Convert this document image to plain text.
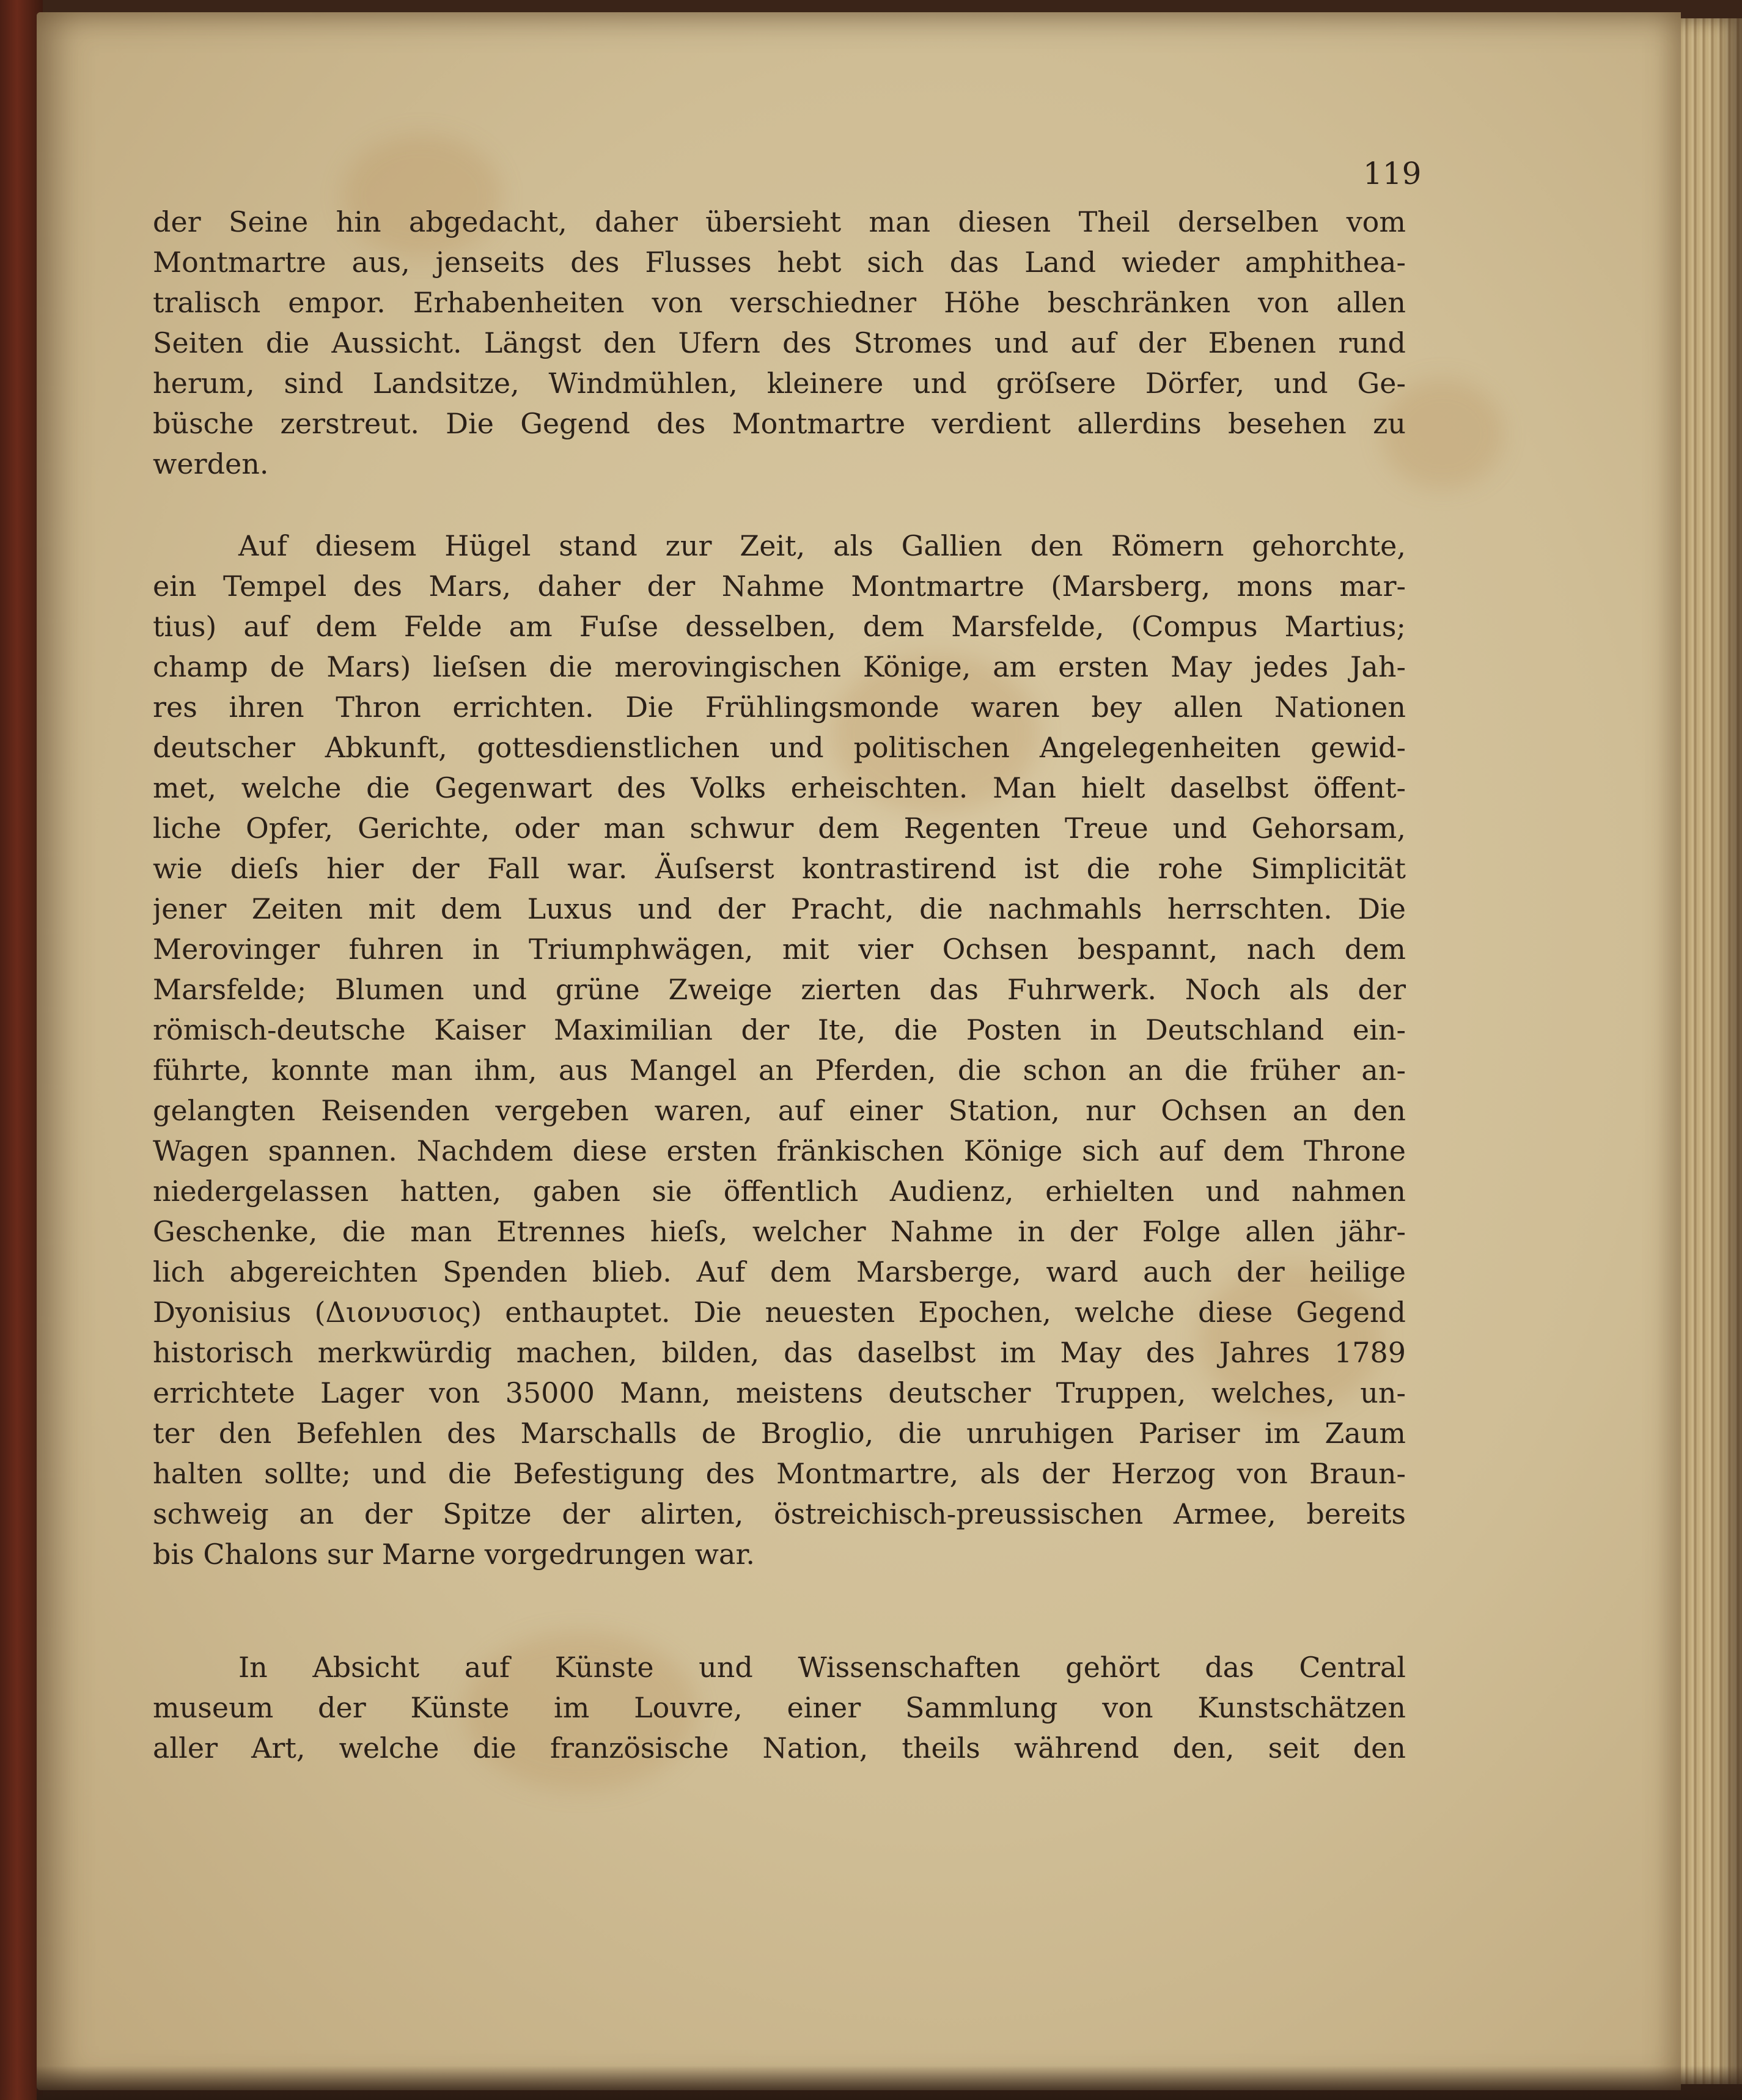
119
der Seine hin abgedacht, daher übersieht man diesen Theil derselben vom
Montmartre aus, jenseits des Flusses hebt sich das Land wieder amphithea-
tralisch empor. Erhabenheiten von verschiedner Höhe beschränken von allen
Seiten die Aussicht. Längst den Ufern des Stromes und auf der Ebenen rund
herum, sind Landsitze, Windmühlen, kleinere und gröſsere Dörfer, und Ge-
büsche zerstreut. Die Gegend des Montmartre verdient allerdins besehen zu
werden.
Auf diesem Hügel stand zur Zeit, als Gallien den Römern gehorchte,
ein Tempel des Mars, daher der Nahme Montmartre (Marsberg, mons mar-
tius) auf dem Felde am Fuſse desselben, dem Marsfelde, (Compus Martius;
champ de Mars) lieſsen die merovingischen Könige, am ersten May jedes Jah-
res ihren Thron errichten. Die Frühlingsmonde waren bey allen Nationen
deutscher Abkunft, gottesdienstlichen und politischen Angelegenheiten gewid-
met, welche die Gegenwart des Volks erheischten. Man hielt daselbst öffent-
liche Opfer, Gerichte, oder man schwur dem Regenten Treue und Gehorsam,
wie dieſs hier der Fall war. Äuſserst kontrastirend ist die rohe Simplicität
jener Zeiten mit dem Luxus und der Pracht, die nachmahls herrschten. Die
Merovinger fuhren in Triumphwägen, mit vier Ochsen bespannt, nach dem
Marsfelde; Blumen und grüne Zweige zierten das Fuhrwerk. Noch als der
römisch-deutsche Kaiser Maximilian der Ite, die Posten in Deutschland ein-
führte, konnte man ihm, aus Mangel an Pferden, die schon an die früher an-
gelangten Reisenden vergeben waren, auf einer Station, nur Ochsen an den
Wagen spannen. Nachdem diese ersten fränkischen Könige sich auf dem Throne
niedergelassen hatten, gaben sie öffentlich Audienz, erhielten und nahmen
Geschenke, die man Etrennes hieſs, welcher Nahme in der Folge allen jähr-
lich abgereichten Spenden blieb. Auf dem Marsberge, ward auch der heilige
Dyonisius (Διονυσιος) enthauptet. Die neuesten Epochen, welche diese Gegend
historisch merkwürdig machen, bilden, das daselbst im May des Jahres 1789
errichtete Lager von 35000 Mann, meistens deutscher Truppen, welches, un-
ter den Befehlen des Marschalls de Broglio, die unruhigen Pariser im Zaum
halten sollte; und die Befestigung des Montmartre, als der Herzog von Braun-
schweig an der Spitze der alirten, östreichisch-preussischen Armee, bereits
bis Chalons sur Marne vorgedrungen war.
In Absicht auf Künste und Wissenschaften gehört das Central
museum der Künste im Louvre, einer Sammlung von Kunstschätzen
aller Art, welche die französische Nation, theils während den, seit den
